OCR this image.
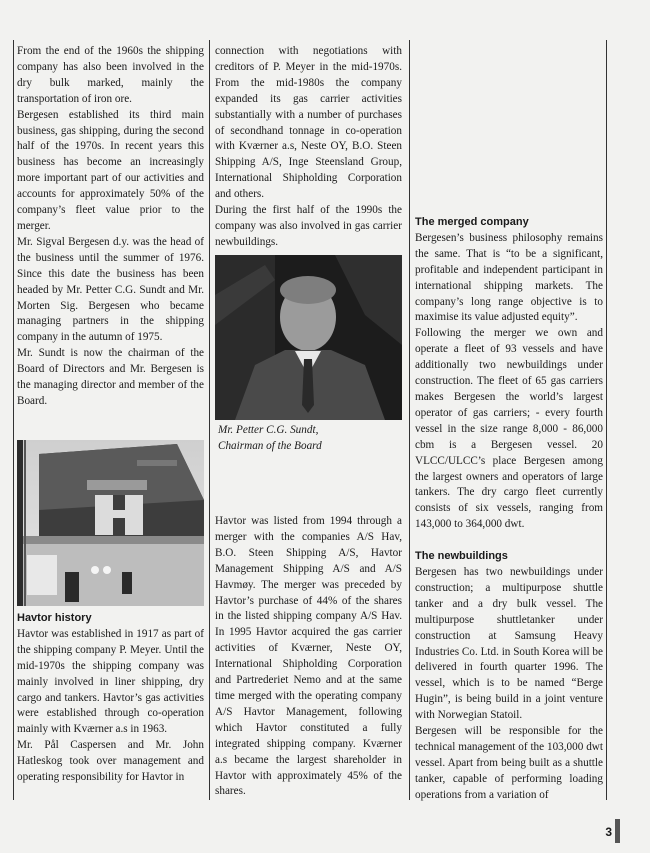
From the end of the 1960s the shipping company has also been involved in the dry bulk marked, mainly the transportation of iron ore.

Bergesen established its third main business, gas shipping, during the second half of the 1970s. In recent years this business has become an increasingly more important part of our activities and accounts for approximately 50% of the company’s fleet value prior to the merger.

Mr. Sigval Bergesen d.y. was the head of the business until the summer of 1976. Since this date the business has been headed by Mr. Petter C.G. Sundt and Mr. Morten Sig. Bergesen who became managing partners in the shipping company in the autumn of 1975.

Mr. Sundt is now the chairman of the Board of Directors and Mr. Bergesen is the managing director and member of the Board.

Havtor history

Havtor was established in 1917 as part of the shipping company P. Meyer. Until the mid-1970s the shipping company was mainly involved in liner shipping, dry cargo and tankers. Havtor’s gas activities were established through co-operation mainly with Kværner a.s in 1963.

Mr. Pål Caspersen and Mr. John Hatleskog took over management and operating responsibility for Havtor in

connection with negotiations with creditors of P. Meyer in the mid-1970s. From the mid-1980s the company expanded its gas carrier activities substantially with a number of purchases of secondhand tonnage in co-operation with Kværner a.s, Neste OY, B.O. Steen Shipping A/S, Inge Steensland Group, International Shipholding Corporation and others.

During the first half of the 1990s the company was also involved in gas carrier newbuildings.

Mr. Petter C.G. Sundt,
Chairman of the Board

Havtor was listed from 1994 through a merger with the companies A/S Hav, B.O. Steen Shipping A/S, Havtor Management Shipping A/S and A/S Havmøy. The merger was preceded by Havtor’s purchase of 44% of the shares in the listed shipping company A/S Hav. In 1995 Havtor acquired the gas carrier activities of Kværner, Neste OY, International Shipholding Corporation and Partrederiet Nemo and at the same time merged with the operating company A/S Havtor Management, following which Havtor constituted a fully integrated shipping company. Kværner a.s became the largest shareholder in Havtor with approximately 45% of the shares.

The merged company

Bergesen’s business philosophy remains the same. That is “to be a significant, profitable and independent participant in international shipping markets. The company’s long range objective is to maximise its value adjusted equity”.

Following the merger we own and operate a fleet of 93 vessels and have additionally two newbuildings under construction. The fleet of 65 gas carriers makes Bergesen the world’s largest operator of gas carriers; - every fourth vessel in the size range 8,000 - 86,000 cbm is a Bergesen vessel. 20 VLCC/ULCC’s place Bergesen among the largest owners and operators of large tankers. The dry cargo fleet currently consists of six vessels, ranging from 143,000 to 364,000 dwt.

The newbuildings

Bergesen has two newbuildings under construction; a multipurpose shuttle tanker and a dry bulk vessel. The multipurpose shuttletanker under construction at Samsung Heavy Industries Co. Ltd. in South Korea will be delivered in fourth quarter 1996. The vessel, which is to be named “Berge Hugin”, is being build in a joint venture with Norwegian Statoil.

Bergesen will be responsible for the technical management of the 103,000 dwt vessel. Apart from being built as a shuttle tanker, capable of performing loading operations from a variation of

3
